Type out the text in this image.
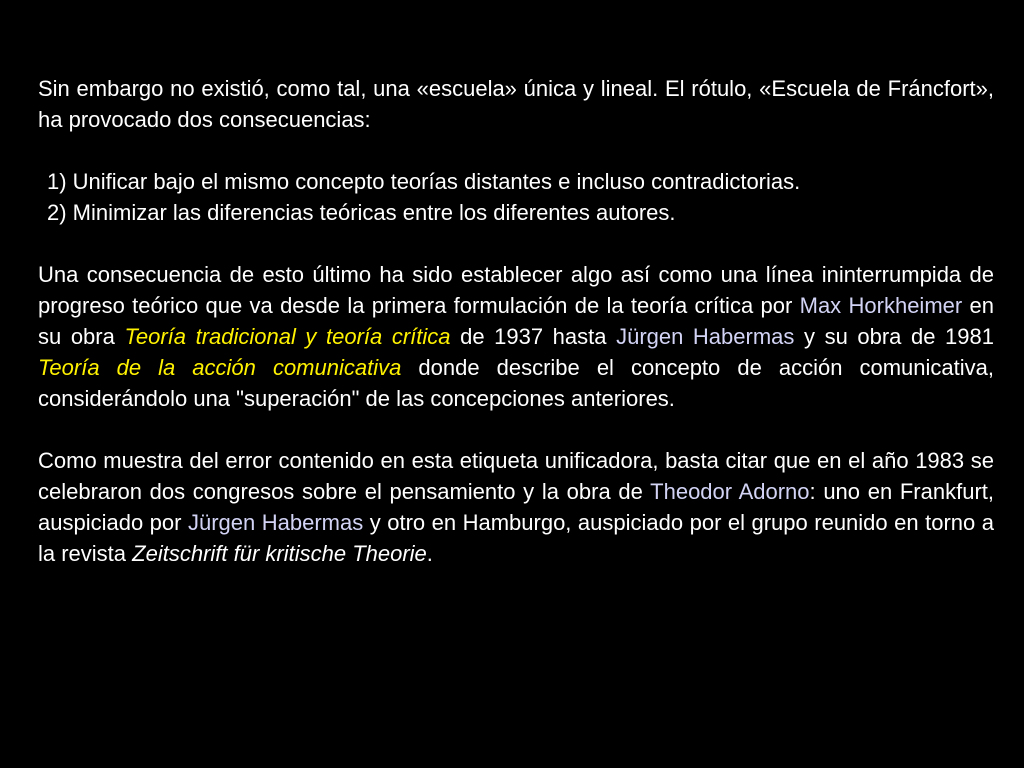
Sin embargo no existió, como tal, una «escuela» única y lineal. El rótulo, «Escuela de Fráncfort», ha provocado dos consecuencias:

1) Unificar bajo el mismo concepto teorías distantes e incluso contradictorias.

2) Minimizar las diferencias teóricas entre los diferentes autores.

Una consecuencia de esto último ha sido establecer algo así como una línea ininterrumpida de progreso teórico que va desde la primera formulación de la teoría crítica por Max Horkheimer en su obra Teoría tradicional y teoría crítica de 1937 hasta Jürgen Habermas y su obra de 1981 Teoría de la acción comunicativa donde describe el concepto de acción comunicativa, considerándolo una "superación" de las concepciones anteriores.

Como muestra del error contenido en esta etiqueta unificadora, basta citar que en el año 1983 se celebraron dos congresos sobre el pensamiento y la obra de Theodor Adorno: uno en Frankfurt, auspiciado por Jürgen Habermas y otro en Hamburgo, auspiciado por el grupo reunido en torno a la revista Zeitschrift für kritische Theorie.
